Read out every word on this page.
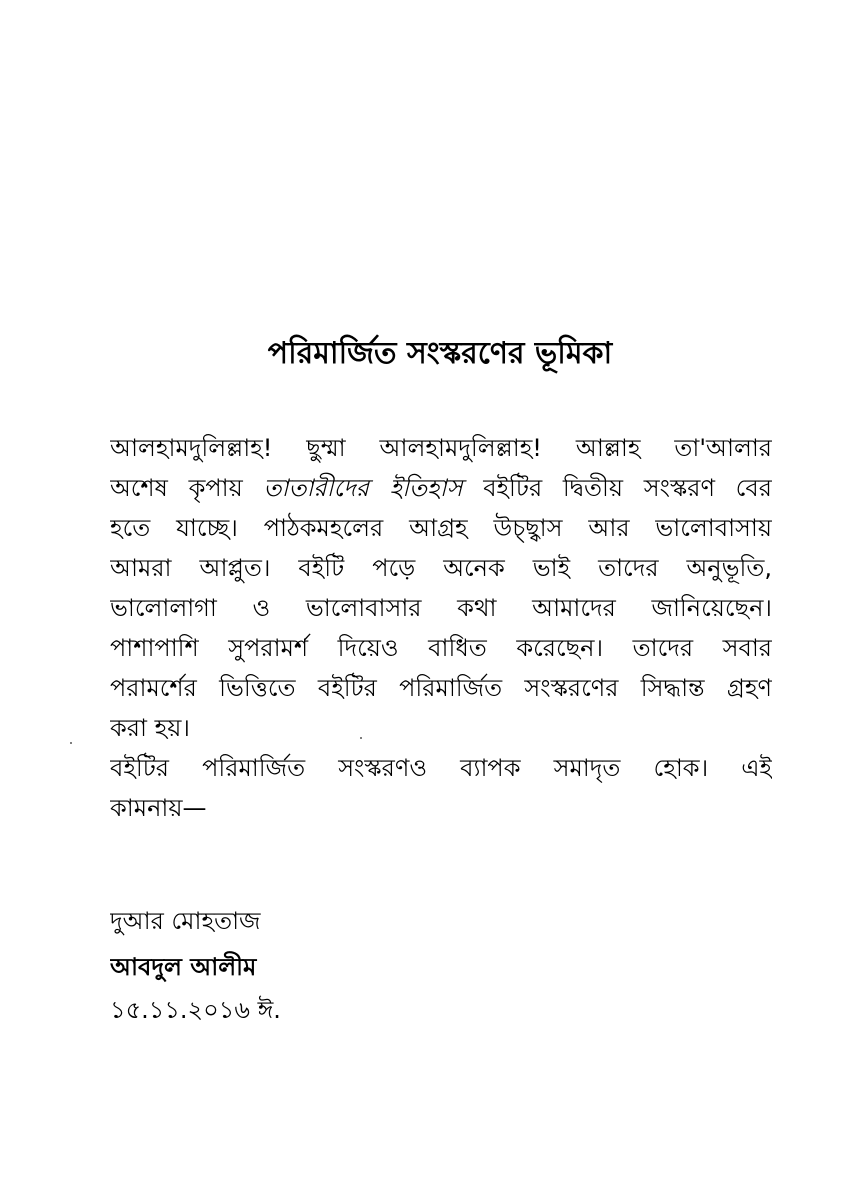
পরিমার্জিত সংস্করণের ভূমিকা
আলহামদুলিল্লাহ! ছুম্মা আলহামদুলিল্লাহ! আল্লাহ তা'আলার
অশেষ কৃপায় তাতারীদের ইতিহাস বইটির দ্বিতীয় সংস্করণ বের
হতে যাচ্ছে। পাঠকমহলের আগ্রহ উচ্ছ্বাস আর ভালোবাসায়
আমরা আপ্লুত। বইটি পড়ে অনেক ভাই তাদের অনুভূতি,
ভালোলাগা ও ভালোবাসার কথা আমাদের জানিয়েছেন।
পাশাপাশি সুপরামর্শ দিয়েও বাধিত করেছেন। তাদের সবার
পরামর্শের ভিত্তিতে বইটির পরিমার্জিত সংস্করণের সিদ্ধান্ত গ্রহণ
করা হয়।
বইটির পরিমার্জিত সংস্করণও ব্যাপক সমাদৃত হোক। এই
কামনায়—
দুআর মোহতাজ
আবদুল আলীম
১৫.১১.২০১৬ ঈ.
